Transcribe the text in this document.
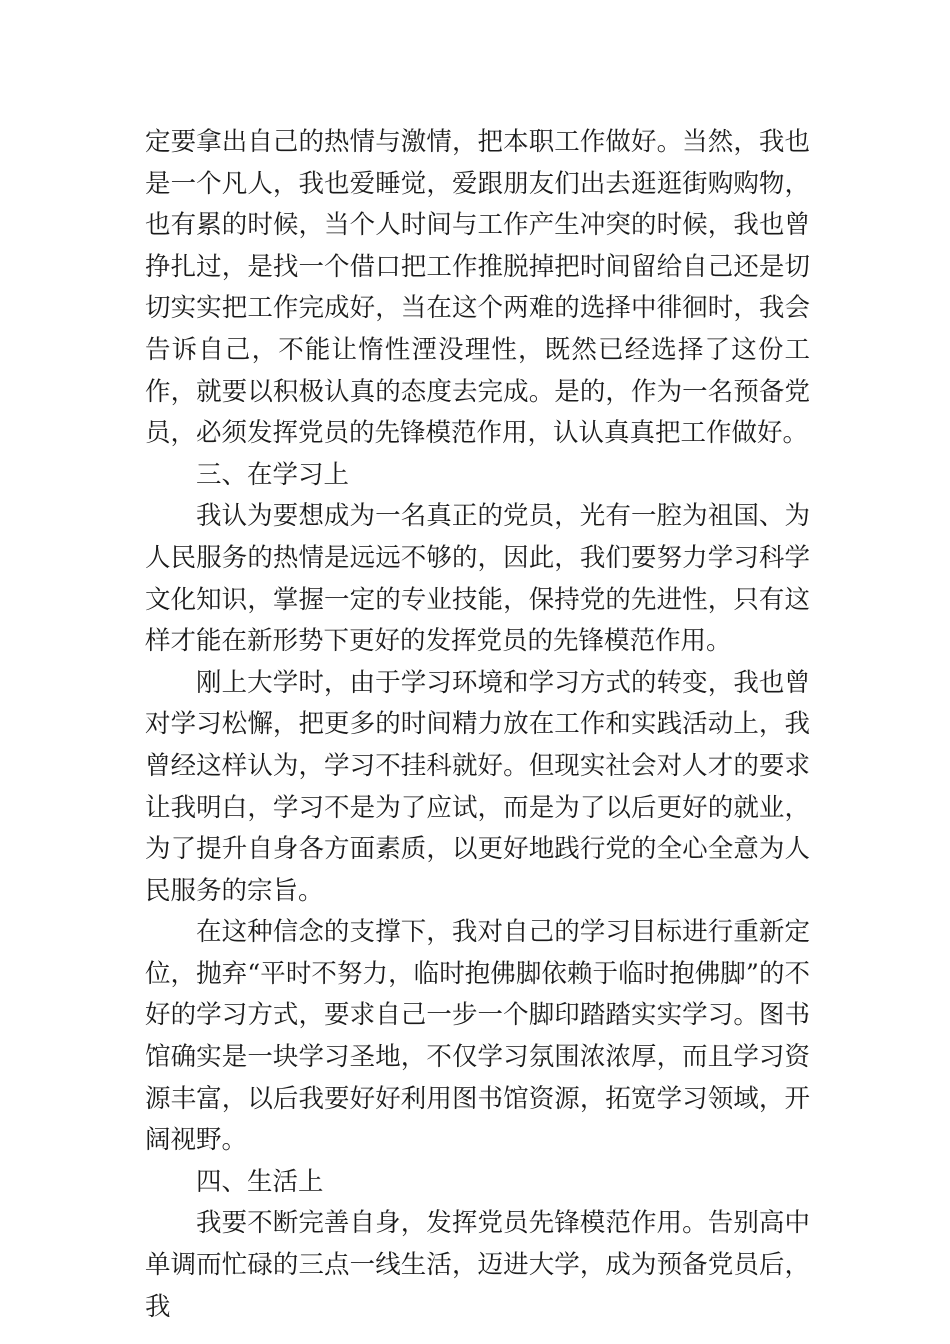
定要拿出自己的热情与激情，把本职工作做好。当然，我也是一个凡人，我也爱睡觉，爱跟朋友们出去逛逛街购购物，也有累的时候，当个人时间与工作产生冲突的时候，我也曾挣扎过，是找一个借口把工作推脱掉把时间留给自己还是切切实实把工作完成好，当在这个两难的选择中徘徊时，我会告诉自己，不能让惰性湮没理性，既然已经选择了这份工作，就要以积极认真的态度去完成。是的，作为一名预备党员，必须发挥党员的先锋模范作用，认认真真把工作做好。

三、在学习上

我认为要想成为一名真正的党员，光有一腔为祖国、为人民服务的热情是远远不够的，因此，我们要努力学习科学文化知识，掌握一定的专业技能，保持党的先进性，只有这样才能在新形势下更好的发挥党员的先锋模范作用。

刚上大学时，由于学习环境和学习方式的转变，我也曾对学习松懈，把更多的时间精力放在工作和实践活动上，我曾经这样认为，学习不挂科就好。但现实社会对人才的要求让我明白，学习不是为了应试，而是为了以后更好的就业，为了提升自身各方面素质，以更好地践行党的全心全意为人民服务的宗旨。

在这种信念的支撑下，我对自己的学习目标进行重新定位，抛弃“平时不努力，临时抱佛脚依赖于临时抱佛脚”的不好的学习方式，要求自己一步一个脚印踏踏实实学习。图书馆确实是一块学习圣地，不仅学习氛围浓浓厚，而且学习资源丰富，以后我要好好利用图书馆资源，拓宽学习领域，开阔视野。

四、生活上

我要不断完善自身，发挥党员先锋模范作用。告别高中单调而忙碌的三点一线生活，迈进大学，成为预备党员后，我
